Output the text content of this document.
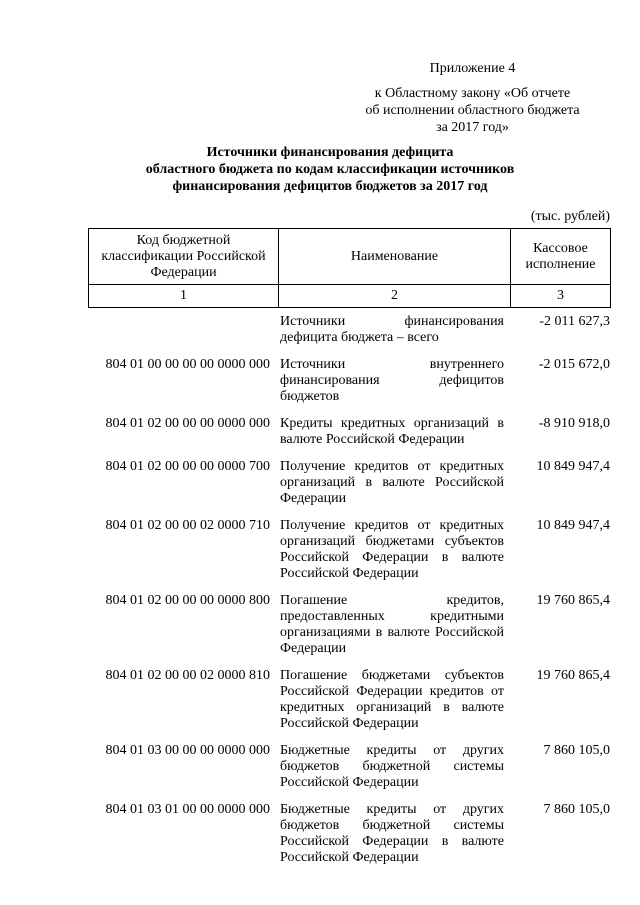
Приложение 4
к Областному закону «Об отчете
об исполнении областного бюджета
за 2017 год»
Источники финансирования дефицита
областного бюджета по кодам классификации источников
финансирования дефицитов бюджетов за 2017 год
(тыс. рублей)
Код бюджетной классификации Российской Федерации	Наименование	Кассовое исполнение
1	2	3
	Источники финансирования дефицита бюджета – всего	-2 011 627,3
804 01 00 00 00 00 0000 000	Источники внутреннего финансирования дефицитов бюджетов	-2 015 672,0
804 01 02 00 00 00 0000 000	Кредиты кредитных организаций в валюте Российской Федерации	-8 910 918,0
804 01 02 00 00 00 0000 700	Получение кредитов от кредитных организаций в валюте Российской Федерации	10 849 947,4
804 01 02 00 00 02 0000 710	Получение кредитов от кредитных организаций бюджетами субъектов Российской Федерации в валюте Российской Федерации	10 849 947,4
804 01 02 00 00 00 0000 800	Погашение кредитов, предоставленных кредитными организациями в валюте Российской Федерации	19 760 865,4
804 01 02 00 00 02 0000 810	Погашение бюджетами субъектов Российской Федерации кредитов от кредитных организаций в валюте Российской Федерации	19 760 865,4
804 01 03 00 00 00 0000 000	Бюджетные кредиты от других бюджетов бюджетной системы Российской Федерации	7 860 105,0
804 01 03 01 00 00 0000 000	Бюджетные кредиты от других бюджетов бюджетной системы Российской Федерации в валюте Российской Федерации	7 860 105,0
